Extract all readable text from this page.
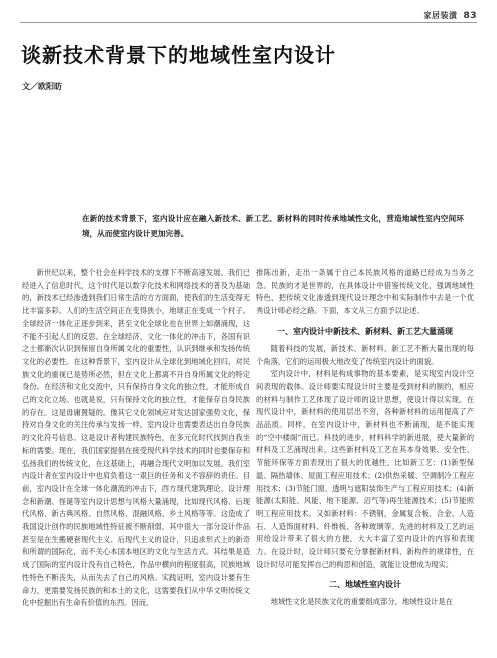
家居装潢 83
谈新技术背景下的地域性室内设计
文／欧阳昉
在新的技术背景下，室内设计应在融入新技术、新工艺、新材料的同时传承地域性文化，营造地域性室内空间环境，从而使室内设计更加完善。

新世纪以来，整个社会在科学技术的支撑下不断高速发展。我们已经进入了信息时代，这个时代是以数字化技术和网络技术的普及为基础的，新技术已经渗透到我们日常生活的方方面面，使我们的生活变得无比丰富多彩。人们的生活空间正在变得狭小，地球正在变成一个村子。全球经济一体化正逐步到来，甚至文化全球化也在世界上如潮涌现，这不能不引起人们的反思。在全球经济、文化一体化的冲击下，各国有识之士都渐次认识到保留自身所属文化的重要性，认识到继承和发扬传统文化的必要性。在这种背景下，室内设计从全球化到地域化回归，对民族文化的重视已是势所必然，但在文化上都离不开自身所属文化的特定身份。在经济和文化交流中，只有保持自身文化的独立性，才能形成自己的文化立场。也就是说，只有保持文化的独立性，才能保存自身民族的存在。这是毋庸置疑的。像其它文化领域应对发达国家强势文化，保持对自身文化的关注传承与发扬一样，室内设计也需要表达出自身民族的文化符号信息。这是设计者构建民族特色，在多元化时代找到自我坐标的需要。现在，我们国家提倡在接受现代科学技术的同时也要保存和弘扬我们的传统文化，在这基础上，再融合现代文明加以发展。我们室内设计者在室内设计中也肩负着这一艰巨的任务和义不容辞的责任。目前，室内设计在全球一体化潮流的冲击下，西方现代建筑理论、设计理念和新潮、怪诞等室内设计思想与风格大量涌现，比如现代风格、后现代风格、新古典风格、自然风格、混融风格、乡土风格等等。这造成了我国设计创作的民族地域性特征被不断削弱，其中很大一部分设计作品甚至是在生搬硬套现代主义、后现代主义的设计，只追求形式上的新奇和所谓的国际化，而不关心本国本地区的文化与生活方式。其结果是造成了国际的室内设计没有自己特色，作品中横向的程度很高，民族地域性特色不断丧失，从而失去了自己的风格。实践证明，室内设计要有生命力，更需要发扬民族的和本土的文化，这需要我们从中华文明传统文化中挖掘出有生命有价值的东西。因而，

推陈出新，走出一条属于自己本民族风格的道路已经成为当务之急。民族的才是世界的，在具体设计中借鉴传统文化，强调地域性特色，把传统文化渗透到现代设计理念中和实际制作中去是一个优秀设计师必经之路。下面，本文从三方面予以论述。

一、室内设计中新技术、新材料、新工艺大量涌现

随着科技的发展，新技术、新材料、新工艺不断大量出现的每个角落，它们的运用极大地改变了传统室内设计的面貌。

室内设计中，材料是构成事物的基本要素，是实现室内设计空间表现的载体。设计师要实现设计时主要是受到材料的制约，相应的材料与制作工艺体现了设计师的设计思想，使设计得以实现。在现代设计中，新材料的使用层出不穷，各种新材料的运用提高了产品品质。同样，在室内设计中，新材料也不断涌现，是不能实现的“空中楼阁”而已。科技的进步，材料科学的新进展，使大量新的材料及工艺涌现出来，这些新材料及工艺在其本身效果、安全性、节能环保等方面表现出了很大的优越性，比如新工艺：(1)新型保温、隔热墙体、屋面工程应用技术；(2)供热采暖、空调制冷工程应用技术；(3)节能门窗、透明与遮阳装饰生产与工程应用技术；(4)新能源(太阳能、风能、地下能源、沼气等)再生能源技术；(5)节能照明工程应用技术。又如新材料：不锈钢，金属复合板、合金、人造石、人造饰面材料、纤维板、各种玻璃等。先进的材料及工艺的运用给设计带来了很大的方便，大大丰富了室内设计的内容和表现力。在设计时，设计师只要充分掌握新材料、新构件的规律性，在设计时尽可能发挥自己的构思和创造，就能让设想成为现实。

二、地域性室内设计

地域性文化是民族文化的重要组成部分，地域性设计是在
